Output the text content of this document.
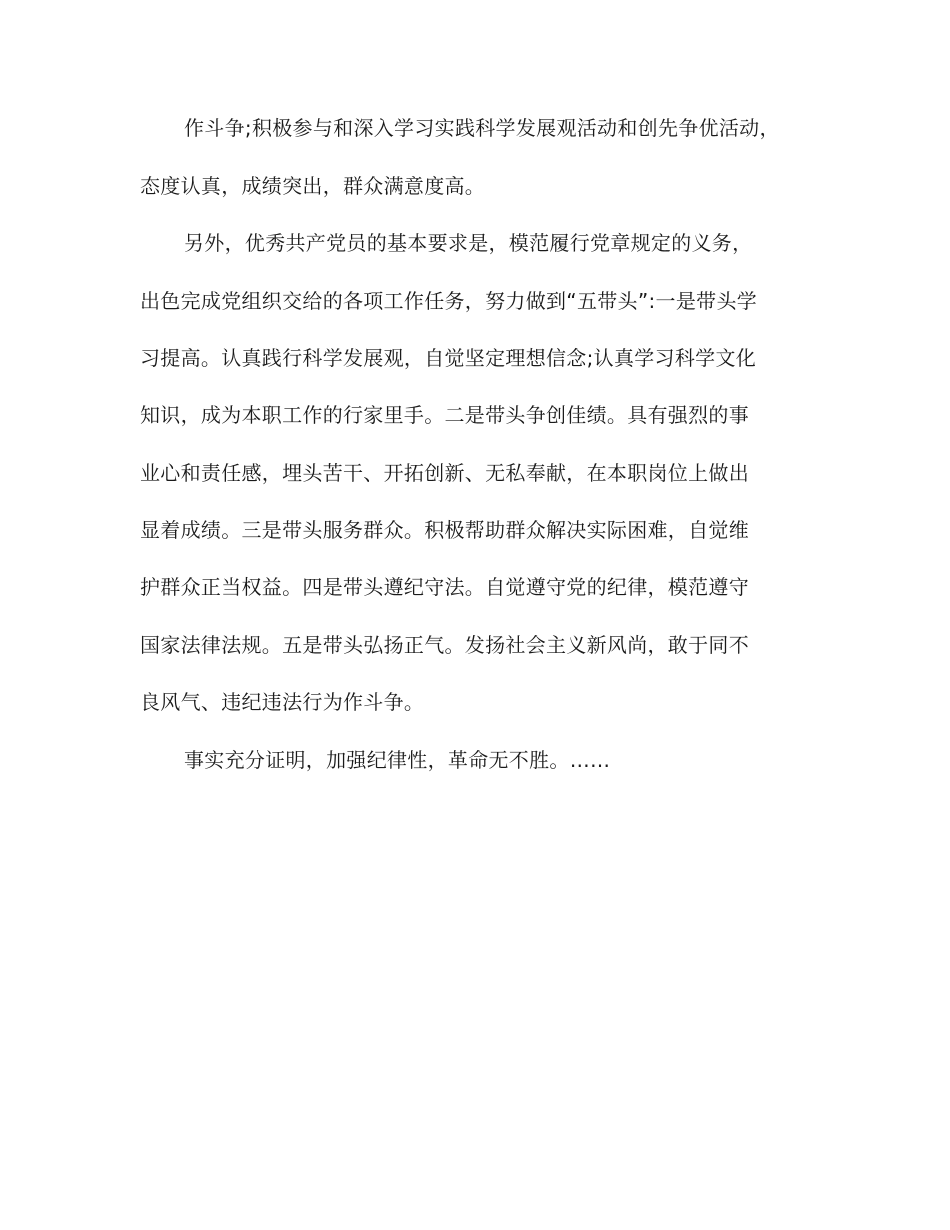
作斗争;积极参与和深入学习实践科学发展观活动和创先争优活动，
态度认真，成绩突出，群众满意度高。
另外，优秀共产党员的基本要求是，模范履行党章规定的义务，
出色完成党组织交给的各项工作任务，努力做到“五带头”:一是带头学
习提高。认真践行科学发展观，自觉坚定理想信念;认真学习科学文化
知识，成为本职工作的行家里手。二是带头争创佳绩。具有强烈的事
业心和责任感，埋头苦干、开拓创新、无私奉献，在本职岗位上做出
显着成绩。三是带头服务群众。积极帮助群众解决实际困难，自觉维
护群众正当权益。四是带头遵纪守法。自觉遵守党的纪律，模范遵守
国家法律法规。五是带头弘扬正气。发扬社会主义新风尚，敢于同不
良风气、违纪违法行为作斗争。
事实充分证明，加强纪律性，革命无不胜。……
